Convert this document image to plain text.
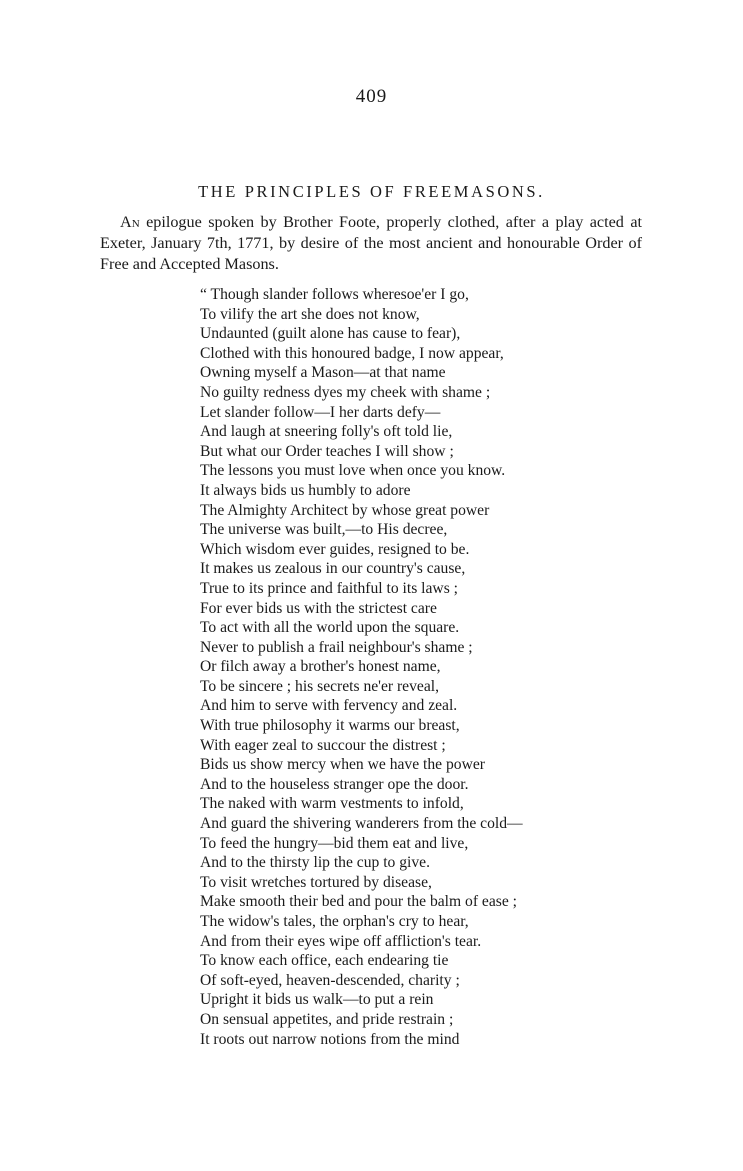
409
THE PRINCIPLES OF FREEMASONS.

An epilogue spoken by Brother Foote, properly clothed, after a play acted at Exeter, January 7th, 1771, by desire of the most ancient and honourable Order of Free and Accepted Masons.

“ Though slander follows wheresoe'er I go,
To vilify the art she does not know,
Undaunted (guilt alone has cause to fear),
Clothed with this honoured badge, I now appear,
Owning myself a Mason—at that name
No guilty redness dyes my cheek with shame ;
Let slander follow—I her darts defy—
And laugh at sneering folly's oft told lie,
But what our Order teaches I will show ;
The lessons you must love when once you know.
It always bids us humbly to adore
The Almighty Architect by whose great power
The universe was built,—to His decree,
Which wisdom ever guides, resigned to be.
It makes us zealous in our country's cause,
True to its prince and faithful to its laws ;
For ever bids us with the strictest care
To act with all the world upon the square.
Never to publish a frail neighbour's shame ;
Or filch away a brother's honest name,
To be sincere ; his secrets ne'er reveal,
And him to serve with fervency and zeal.
With true philosophy it warms our breast,
With eager zeal to succour the distrest ;
Bids us show mercy when we have the power
And to the houseless stranger ope the door.
The naked with warm vestments to infold,
And guard the shivering wanderers from the cold—
To feed the hungry—bid them eat and live,
And to the thirsty lip the cup to give.
To visit wretches tortured by disease,
Make smooth their bed and pour the balm of ease ;
The widow's tales, the orphan's cry to hear,
And from their eyes wipe off affliction's tear.
To know each office, each endearing tie
Of soft-eyed, heaven-descended, charity ;
Upright it bids us walk—to put a rein
On sensual appetites, and pride restrain ;
It roots out narrow notions from the mind
